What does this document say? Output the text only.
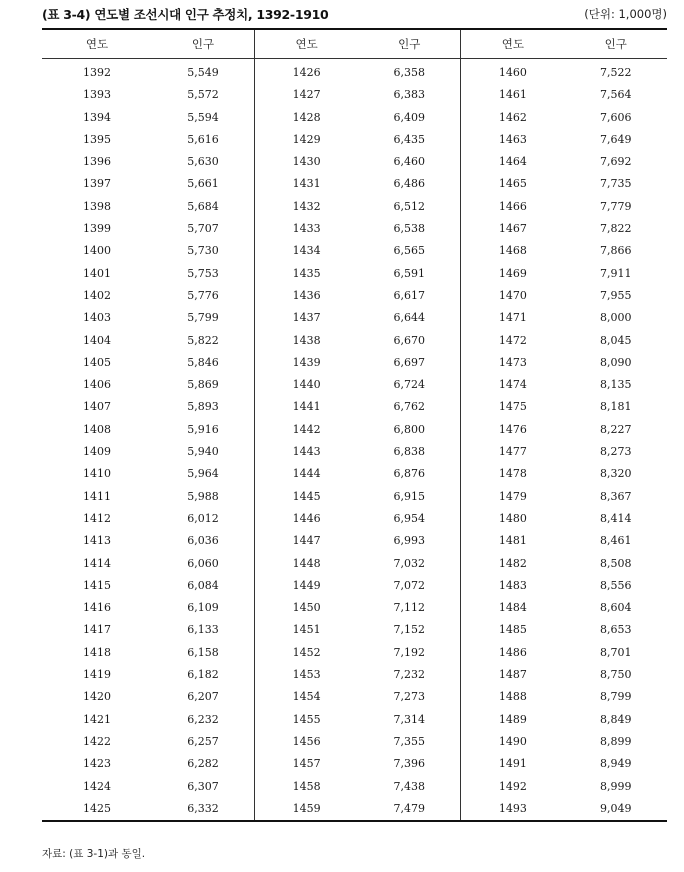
(표 3-4) 연도별 조선시대 인구 추정치, 1392-1910	(단위: 1,000명)
연도	인구	연도	인구	연도	인구
1392	5,549	1426	6,358	1460	7,522
1393	5,572	1427	6,383	1461	7,564
1394	5,594	1428	6,409	1462	7,606
1395	5,616	1429	6,435	1463	7,649
1396	5,630	1430	6,460	1464	7,692
1397	5,661	1431	6,486	1465	7,735
1398	5,684	1432	6,512	1466	7,779
1399	5,707	1433	6,538	1467	7,822
1400	5,730	1434	6,565	1468	7,866
1401	5,753	1435	6,591	1469	7,911
1402	5,776	1436	6,617	1470	7,955
1403	5,799	1437	6,644	1471	8,000
1404	5,822	1438	6,670	1472	8,045
1405	5,846	1439	6,697	1473	8,090
1406	5,869	1440	6,724	1474	8,135
1407	5,893	1441	6,762	1475	8,181
1408	5,916	1442	6,800	1476	8,227
1409	5,940	1443	6,838	1477	8,273
1410	5,964	1444	6,876	1478	8,320
1411	5,988	1445	6,915	1479	8,367
1412	6,012	1446	6,954	1480	8,414
1413	6,036	1447	6,993	1481	8,461
1414	6,060	1448	7,032	1482	8,508
1415	6,084	1449	7,072	1483	8,556
1416	6,109	1450	7,112	1484	8,604
1417	6,133	1451	7,152	1485	8,653
1418	6,158	1452	7,192	1486	8,701
1419	6,182	1453	7,232	1487	8,750
1420	6,207	1454	7,273	1488	8,799
1421	6,232	1455	7,314	1489	8,849
1422	6,257	1456	7,355	1490	8,899
1423	6,282	1457	7,396	1491	8,949
1424	6,307	1458	7,438	1492	8,999
1425	6,332	1459	7,479	1493	9,049
자료: (표 3-1)과 동일.
